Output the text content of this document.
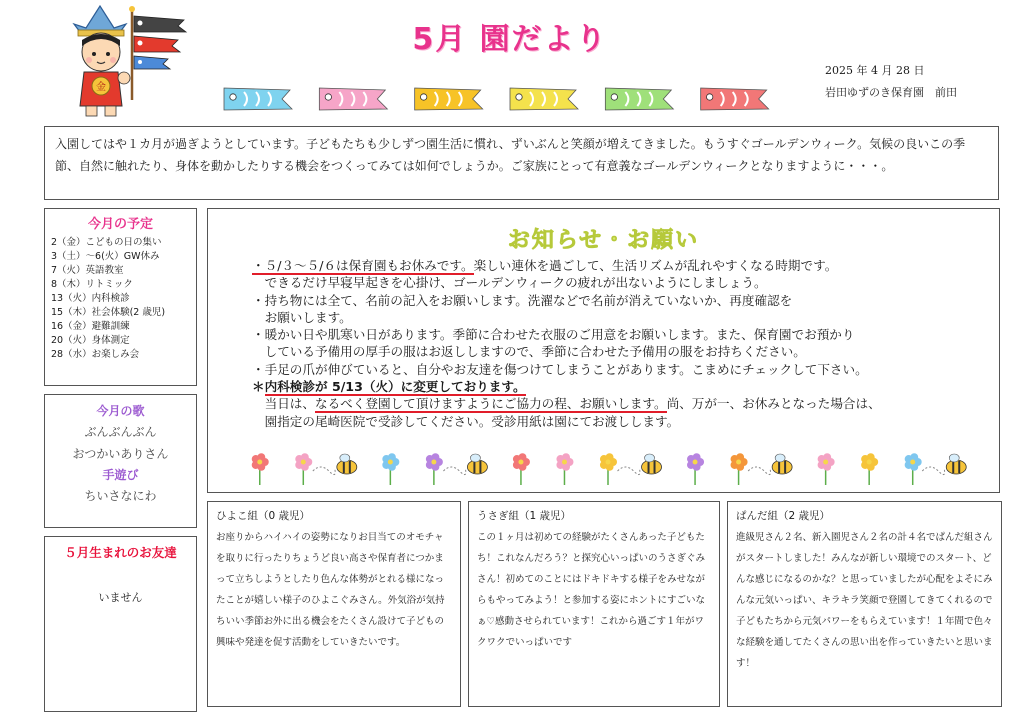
金
5月 園だより
2025 年 4 月 28 日
岩田ゆずのき保育園　前田
入園してはや１カ月が過ぎようとしています。子どもたちも少しずつ園生活に慣れ、ずいぶんと笑顔が増えてきました。もうすぐゴールデンウィーク。気候の良いこの季節、自然に触れたり、身体を動かしたりする機会をつくってみては如何でしょうか。ご家族にとって有意義なゴールデンウィークとなりますように・・・。
今月の予定
2（金）こどもの日の集い
3（土）～6(火）GW休み
7（火）英語教室
8（木）リトミック
13（火）内科検診
15（木）社会体験(2 歳児)
16（金）避難訓練
20（火）身体測定
28（水）お楽しみ会
今月の歌
ぶんぶんぶん
おつかいありさん
手遊び
ちいさなにわ
５月生まれのお友達
いません
お知らせ・お願い
・５/３～５/６は保育園もお休みです。楽しい連休を過ごして、生活リズムが乱れやすくなる時期です。
　できるだけ早寝早起きを心掛け、ゴールデンウィークの疲れが出ないようにしましょう。
・持ち物には全て、名前の記入をお願いします。洗濯などで名前が消えていないか、再度確認を
　お願いします。
・暖かい日や肌寒い日があります。季節に合わせた衣服のご用意をお願いします。また、保育園でお預かり
　している予備用の厚手の服はお返ししますので、季節に合わせた予備用の服をお持ちください。
・手足の爪が伸びていると、自分やお友達を傷つけてしまうことがあります。こまめにチェックして下さい。
＊内科検診が 5/13（火）に変更しております。
　当日は、なるべく登園して頂けますようにご協力の程、お願いします。尚、万が一、お休みとなった場合は、
　園指定の尾崎医院で受診してください。受診用紙は園にてお渡しします。
ひよこ組（0 歳児）
お座りからハイハイの姿勢になりお目当てのオモチャを取りに行ったりちょうど良い高さや保育者につかまって立ちしようとしたり色んな体勢がとれる様になったことが嬉しい様子のひよこぐみさん。外気浴が気持ちいい季節お外に出る機会をたくさん設けて子どもの興味や発達を促す活動をしていきたいです。
うさぎ組（1 歳児）
この１ヶ月は初めての経験がたくさんあった子どもたち！これなんだろう？と探究心いっぱいのうさぎぐみさん！初めてのことにはドキドキする様子をみせながらもやってみよう！と参加する姿にホントにすごいなぁ♡感動させられています！これから過ごす１年がワクワクでいっぱいです
ぱんだ組（2 歳児）
進級児さん２名、新入園児さん２名の計４名でぱんだ組さんがスタートしました！みんなが新しい環境でのスタート、どんな感じになるのかな？と思っていましたが心配をよそにみんな元気いっぱい、キラキラ笑顔で登園してきてくれるので子どもたちから元気パワーをもらえています！１年間で色々な経験を通してたくさんの思い出を作っていきたいと思います！
